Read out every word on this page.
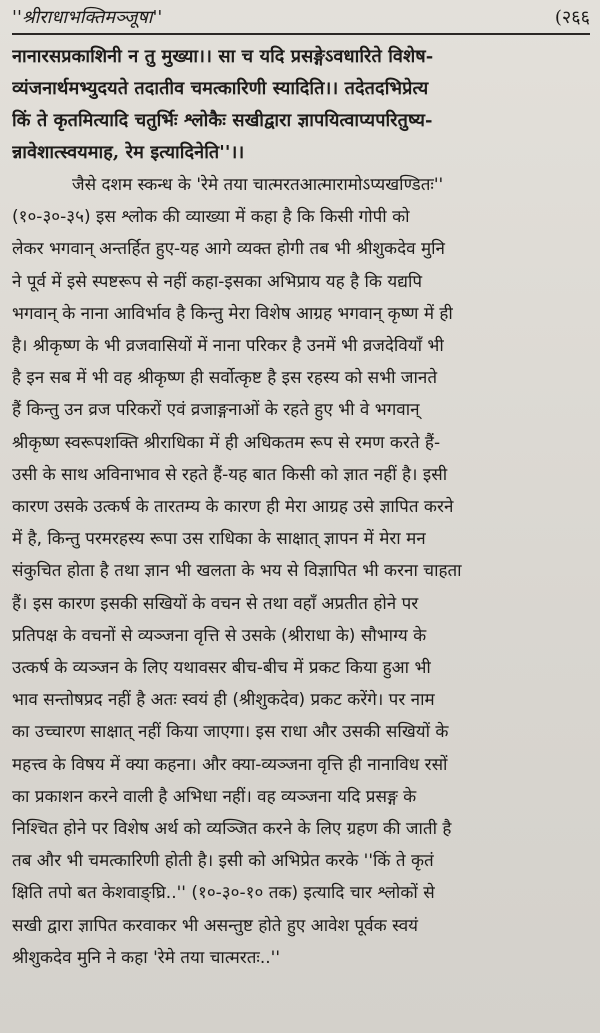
''श्रीराधाभक्तिमञ्जूषा''	(२६६
नानारसप्रकाशिनी न तु मुख्या।। सा च यदि प्रसङ्गेऽवधारिते विशेष-
व्यंजनार्थमभ्युदयते तदातीव चमत्कारिणी स्यादिति।। तदेतदभिप्रेत्य
किं ते कृतमित्यादि चतुर्भिः श्लोकैः सखीद्वारा ज्ञापयित्वाप्यपरितुष्य-
न्नावेशात्स्वयमाह, रेम इत्यादिनेति''।।
जैसे दशम स्कन्ध के 'रेमे तया चात्मरतआत्मारामोऽप्यखण्डितः''
(१०-३०-३५) इस श्लोक की व्याख्या में कहा है कि किसी गोपी को
लेकर भगवान् अन्तर्हित हुए-यह आगे व्यक्त होगी तब भी श्रीशुकदेव मुनि
ने पूर्व में इसे स्पष्टरूप से नहीं कहा-इसका अभिप्राय यह है कि यद्यपि
भगवान् के नाना आविर्भाव है किन्तु मेरा विशेष आग्रह भगवान् कृष्ण में ही
है। श्रीकृष्ण के भी व्रजवासियों में नाना परिकर है उनमें भी व्रजदेवियाँ भी
है इन सब में भी वह श्रीकृष्ण ही सर्वोत्कृष्ट है इस रहस्य को सभी जानते
हैं किन्तु उन व्रज परिकरों एवं व्रजाङ्गनाओं के रहते हुए भी वे भगवान्
श्रीकृष्ण स्वरूपशक्ति श्रीराधिका में ही अधिकतम रूप से रमण करते हैं-
उसी के साथ अविनाभाव से रहते हैं-यह बात किसी को ज्ञात नहीं है। इसी
कारण उसके उत्कर्ष के तारतम्य के कारण ही मेरा आग्रह उसे ज्ञापित करने
में है, किन्तु परमरहस्य रूपा उस राधिका के साक्षात् ज्ञापन में मेरा मन
संकुचित होता है तथा ज्ञान भी खलता के भय से विज्ञापित भी करना चाहता
हैं। इस कारण इसकी सखियों के वचन से तथा वहाँ अप्रतीत होने पर
प्रतिपक्ष के वचनों से व्यञ्जना वृत्ति से उसके (श्रीराधा के) सौभाग्य के
उत्कर्ष के व्यञ्जन के लिए यथावसर बीच-बीच में प्रकट किया हुआ भी
भाव सन्तोषप्रद नहीं है अतः स्वयं ही (श्रीशुकदेव) प्रकट करेंगे। पर नाम
का उच्चारण साक्षात् नहीं किया जाएगा। इस राधा और उसकी सखियों के
महत्त्व के विषय में क्या कहना। और क्या-व्यञ्जना वृत्ति ही नानाविध रसों
का प्रकाशन करने वाली है अभिधा नहीं। वह व्यञ्जना यदि प्रसङ्ग के
निश्चित होने पर विशेष अर्थ को व्यञ्जित करने के लिए ग्रहण की जाती है
तब और भी चमत्कारिणी होती है। इसी को अभिप्रेत करके ''किं ते कृतं
क्षिति तपो बत केशवाङ्घ्रि..'' (१०-३०-१० तक) इत्यादि चार श्लोकों से
सखी द्वारा ज्ञापित करवाकर भी असन्तुष्ट होते हुए आवेश पूर्वक स्वयं
श्रीशुकदेव मुनि ने कहा 'रेमे तया चात्मरतः..''
